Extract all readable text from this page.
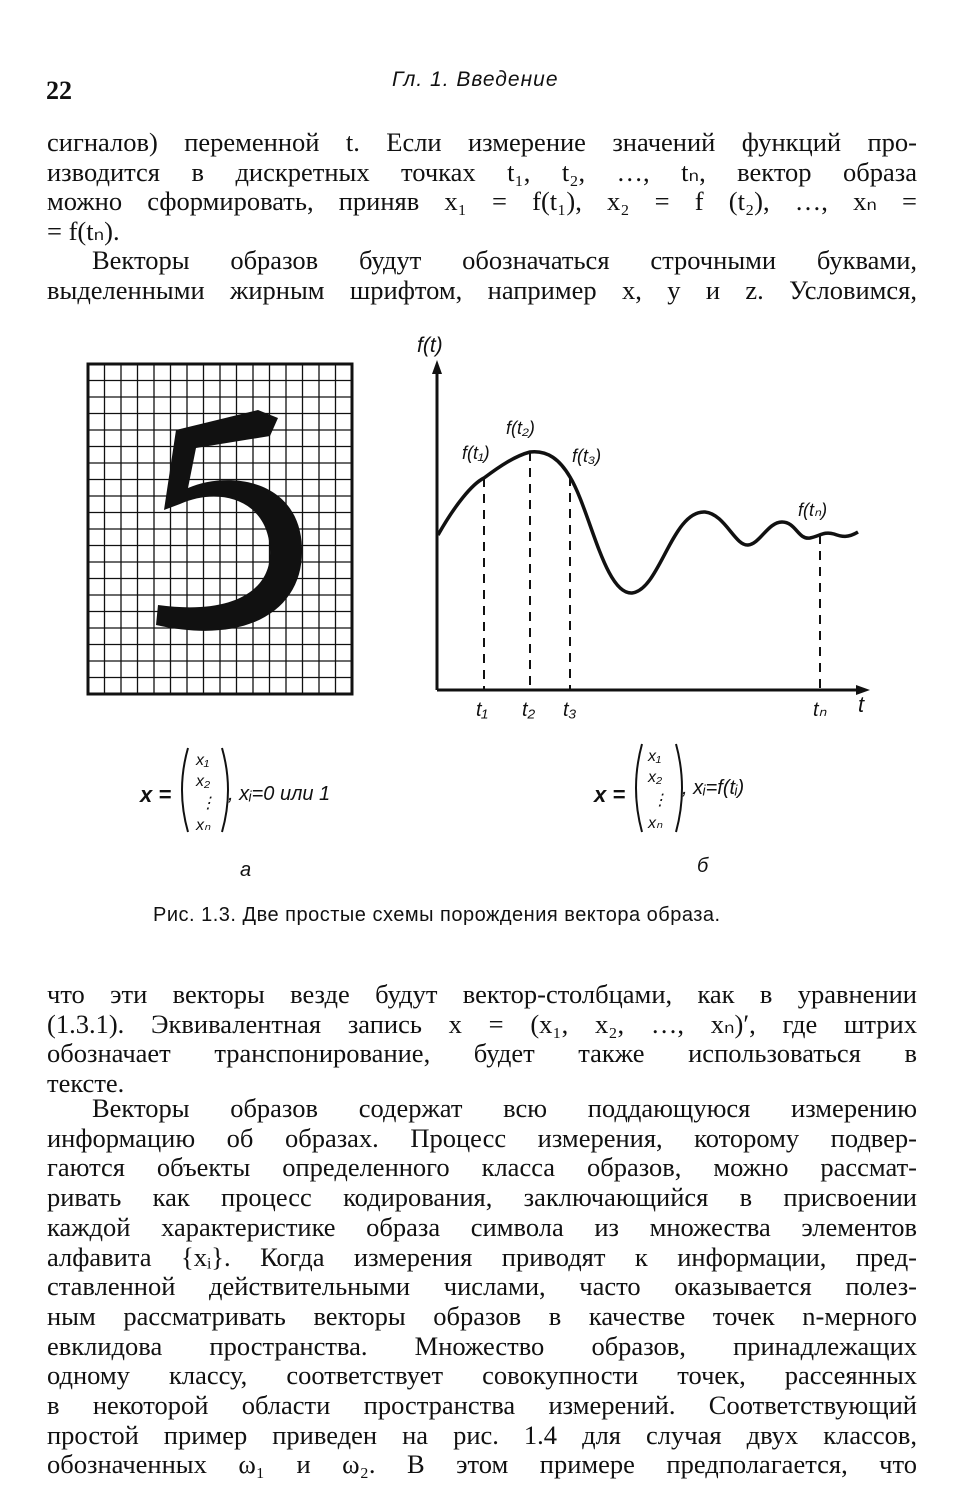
22	Гл. 1. Введение

сигналов) переменной t. Если измерение значений функций про-
изводится в дискретных точках t₁, t₂, …, tₙ, вектор образа
можно сформировать, приняв x₁ = f(t₁), x₂ = f (t₂), …, xₙ =
= f(tₙ).

Векторы образов будут обозначаться строчными буквами,
выделенными жирным шрифтом, например x, y и z. Условимся,

f(t)
t
f(t₁)
f(t₂)
f(t₃)
f(tₙ)
t₁ t₂ t₃	tₙ
x =
x₁
x₂
⋮
xₙ
, xᵢ=0 или 1
а
x =
x₁
x₂
⋮
xₙ
, xᵢ=f(tᵢ)
б
Рис. 1.3. Две простые схемы порождения вектора образа.

что эти векторы везде будут вектор-столбцами, как в уравнении
(1.3.1). Эквивалентная запись x = (x₁, x₂, …, xₙ)′, где штрих
обозначает транспонирование, будет также использоваться в
тексте.

Векторы образов содержат всю поддающуюся измерению
информацию об образах. Процесс измерения, которому подвер-
гаются объекты определенного класса образов, можно рассмат-
ривать как процесс кодирования, заключающийся в присвоении
каждой характеристике образа символа из множества элементов
алфавита {xᵢ}. Когда измерения приводят к информации, пред-
ставленной действительными числами, часто оказывается полез-
ным рассматривать векторы образов в качестве точек n-мерного
евклидова пространства. Множество образов, принадлежащих
одному классу, соответствует совокупности точек, рассеянных
в некоторой области пространства измерений. Соответствующий
простой пример приведен на рис. 1.4 для случая двух классов,
обозначенных ω₁ и ω₂. В этом примере предполагается, что
